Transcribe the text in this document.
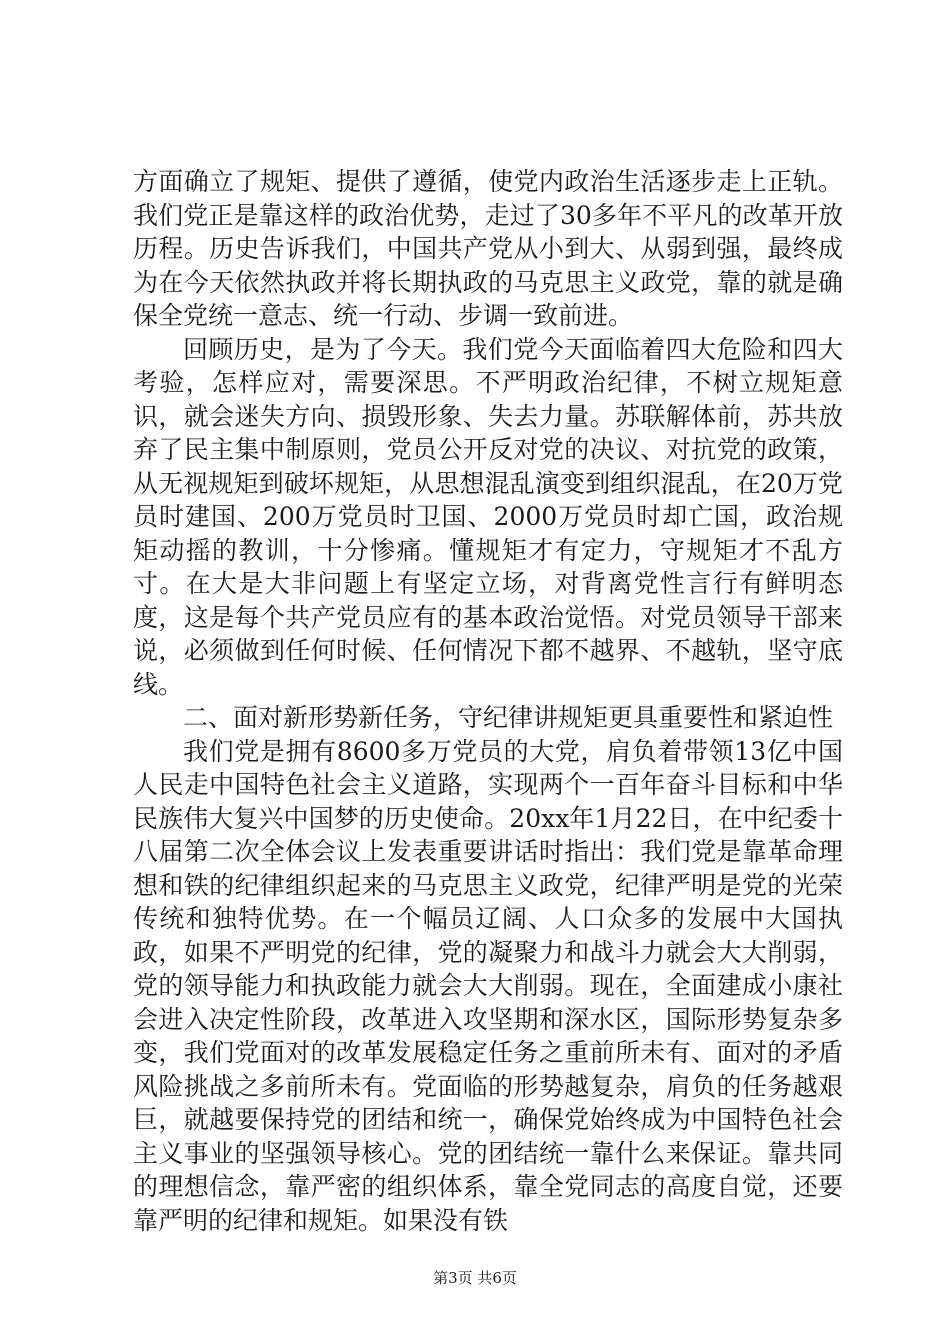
方面确立了规矩、提供了遵循，使党内政治生活逐步走上正轨。我们党正是靠这样的政治优势，走过了30多年不平凡的改革开放历程。历史告诉我们，中国共产党从小到大、从弱到强，最终成为在今天依然执政并将长期执政的马克思主义政党，靠的就是确保全党统一意志、统一行动、步调一致前进。

回顾历史，是为了今天。我们党今天面临着四大危险和四大考验，怎样应对，需要深思。不严明政治纪律，不树立规矩意识，就会迷失方向、损毁形象、失去力量。苏联解体前，苏共放弃了民主集中制原则，党员公开反对党的决议、对抗党的政策，从无视规矩到破坏规矩，从思想混乱演变到组织混乱，在20万党员时建国、200万党员时卫国、2000万党员时却亡国，政治规矩动摇的教训，十分惨痛。懂规矩才有定力，守规矩才不乱方寸。在大是大非问题上有坚定立场，对背离党性言行有鲜明态度，这是每个共产党员应有的基本政治觉悟。对党员领导干部来说，必须做到任何时候、任何情况下都不越界、不越轨，坚守底线。

二、面对新形势新任务，守纪律讲规矩更具重要性和紧迫性

我们党是拥有8600多万党员的大党，肩负着带领13亿中国人民走中国特色社会主义道路，实现两个一百年奋斗目标和中华民族伟大复兴中国梦的历史使命。20xx年1月22日，在中纪委十八届第二次全体会议上发表重要讲话时指出：我们党是靠革命理想和铁的纪律组织起来的马克思主义政党，纪律严明是党的光荣传统和独特优势。在一个幅员辽阔、人口众多的发展中大国执政，如果不严明党的纪律，党的凝聚力和战斗力就会大大削弱，党的领导能力和执政能力就会大大削弱。现在，全面建成小康社会进入决定性阶段，改革进入攻坚期和深水区，国际形势复杂多变，我们党面对的改革发展稳定任务之重前所未有、面对的矛盾风险挑战之多前所未有。党面临的形势越复杂，肩负的任务越艰巨，就越要保持党的团结和统一，确保党始终成为中国特色社会主义事业的坚强领导核心。党的团结统一靠什么来保证。靠共同的理想信念，靠严密的组织体系，靠全党同志的高度自觉，还要靠严明的纪律和规矩。如果没有铁

第3页 共6页
